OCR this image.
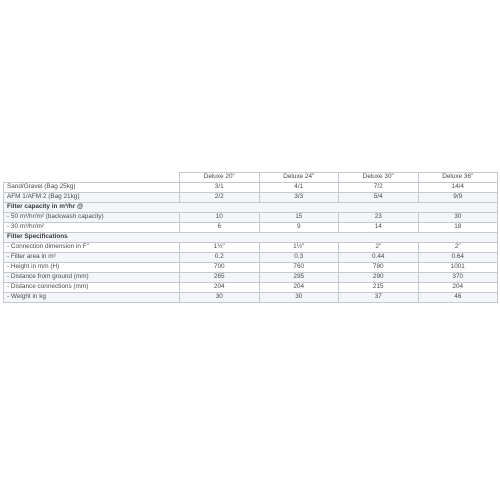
	Deluxe 20"	Deluxe 24"	Deluxe 30"	Deluxe 36"
Sand/Gravel (Bag 25kg)	3/1	4/1	7/2	14/4
AFM 1/AFM 2 (Bag 21kg)	2/2	3/3	5/4	9/9
Filter capacity in m³/hr @				
- 50 m³/hr/m² (backwash capacity)	10	15	23	30
- 30 m³/hr/m²	6	9	14	18
Filter Specifications				
- Connection dimension in F"	1½"	1½"	2"	2"
- Filter area in m²	0.2	0.3	0.44	0.64
- Height in mm (H)	700	760	780	1001
- Distance from ground (mm)	265	295	290	370
- Distance connections (mm)	204	204	215	204
- Weight in kg	30	30	37	46
